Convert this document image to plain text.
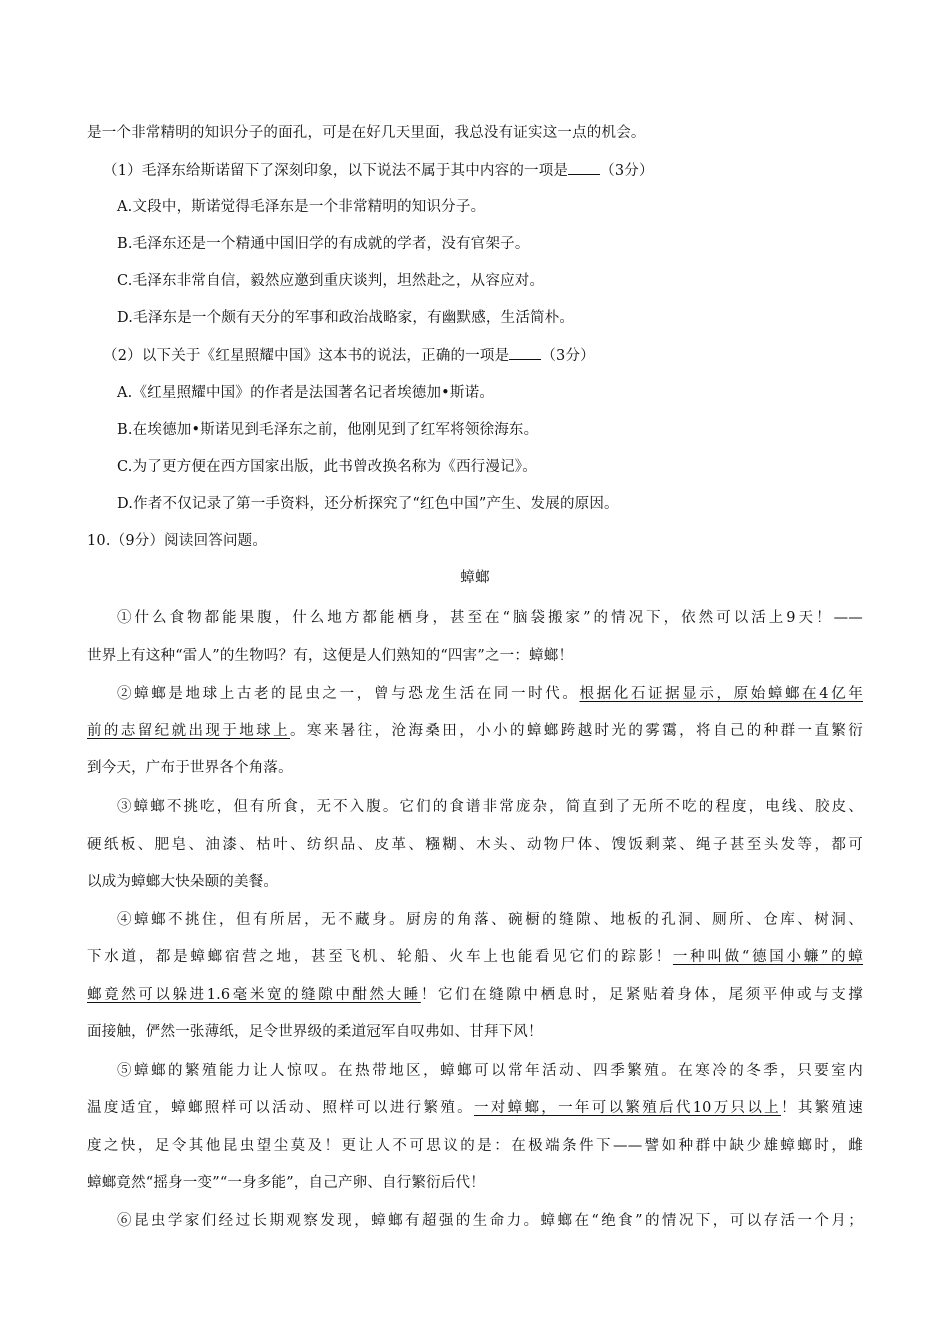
是一个非常精明的知识分子的面孔，可是在好几天里面，我总没有证实这一点的机会。
（1）毛泽东给斯诺留下了深刻印象，以下说法不属于其中内容的一项是 （3分）
A.文段中，斯诺觉得毛泽东是一个非常精明的知识分子。
B.毛泽东还是一个精通中国旧学的有成就的学者，没有官架子。
C.毛泽东非常自信，毅然应邀到重庆谈判，坦然赴之，从容应对。
D.毛泽东是一个颇有天分的军事和政治战略家，有幽默感，生活简朴。
（2）以下关于《红星照耀中国》这本书的说法，正确的一项是 （3分）
A.《红星照耀中国》的作者是法国著名记者埃德加•斯诺。
B.在埃德加•斯诺见到毛泽东之前，他刚见到了红军将领徐海东。
C.为了更方便在西方国家出版，此书曾改换名称为《西行漫记》。
D.作者不仅记录了第一手资料，还分析探究了“红色中国”产生、发展的原因。
10.（9分）阅读回答问题。
蟑螂
①什么食物都能果腹，什么地方都能栖身，甚至在“脑袋搬家”的情况下，依然可以活上9天！——
世界上有这种“雷人”的生物吗？有，这便是人们熟知的“四害”之一：蟑螂！
②蟑螂是地球上古老的昆虫之一，曾与恐龙生活在同一时代。根据化石证据显示，原始蟑螂在4亿年
前的志留纪就出现于地球上。寒来暑往，沧海桑田，小小的蟑螂跨越时光的雾霭，将自己的种群一直繁衍
到今天，广布于世界各个角落。
③蟑螂不挑吃，但有所食，无不入腹。它们的食谱非常庞杂，简直到了无所不吃的程度，电线、胶皮、
硬纸板、肥皂、油漆、枯叶、纺织品、皮革、糨糊、木头、动物尸体、馊饭剩菜、绳子甚至头发等，都可
以成为蟑螂大快朵颐的美餐。
④蟑螂不挑住，但有所居，无不藏身。厨房的角落、碗橱的缝隙、地板的孔洞、厕所、仓库、树洞、
下水道，都是蟑螂宿营之地，甚至飞机、轮船、火车上也能看见它们的踪影！一种叫做“德国小蠊”的蟑
螂竟然可以躲进1.6毫米宽的缝隙中酣然大睡！它们在缝隙中栖息时，足紧贴着身体，尾须平伸或与支撑
面接触，俨然一张薄纸，足令世界级的柔道冠军自叹弗如、甘拜下风！
⑤蟑螂的繁殖能力让人惊叹。在热带地区，蟑螂可以常年活动、四季繁殖。在寒冷的冬季，只要室内
温度适宜，蟑螂照样可以活动、照样可以进行繁殖。一对蟑螂，一年可以繁殖后代10万只以上！其繁殖速
度之快，足令其他昆虫望尘莫及！更让人不可思议的是：在极端条件下——譬如种群中缺少雄蟑螂时，雌
蟑螂竟然“摇身一变”“一身多能”，自己产卵、自行繁衍后代！
⑥昆虫学家们经过长期观察发现，蟑螂有超强的生命力。蟑螂在“绝食”的情况下，可以存活一个月；
